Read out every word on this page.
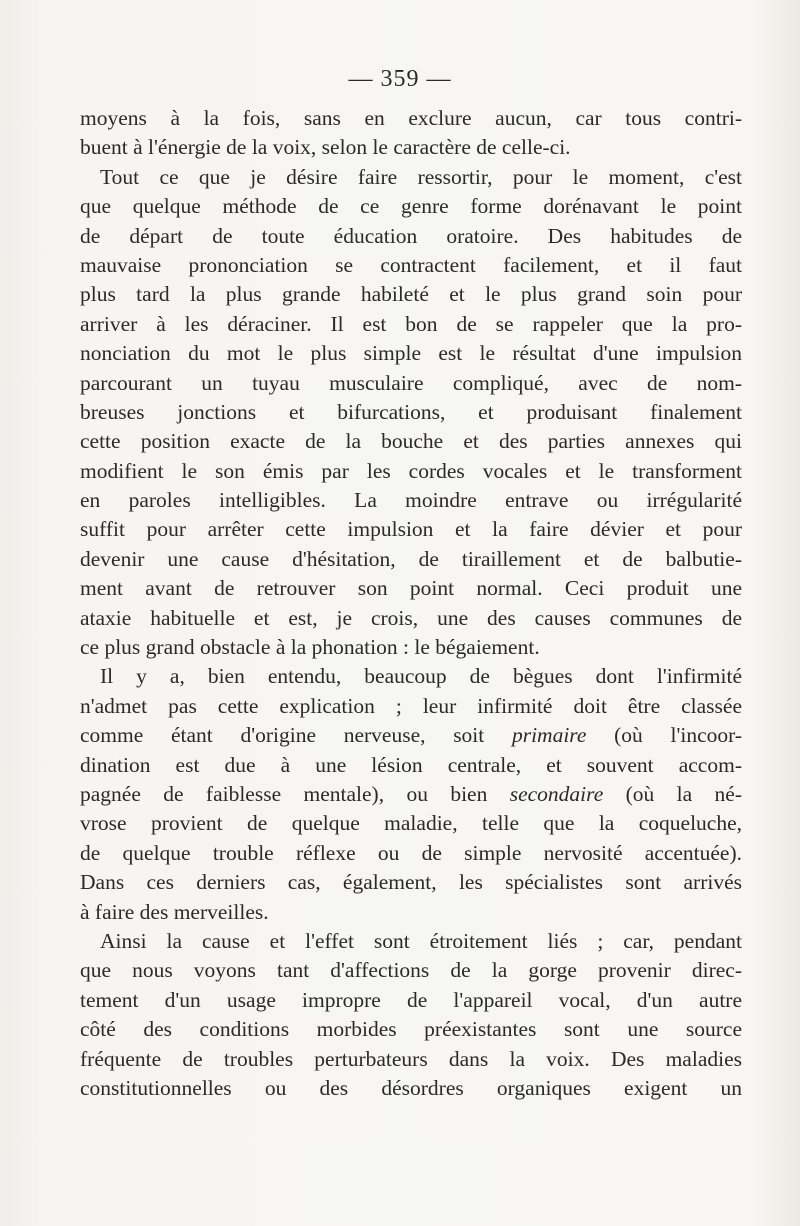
— 359 —
moyens à la fois, sans en exclure aucun, car tous contri-
buent à l'énergie de la voix, selon le caractère de celle-ci.
Tout ce que je désire faire ressortir, pour le moment, c'est
que quelque méthode de ce genre forme dorénavant le point
de départ de toute éducation oratoire. Des habitudes de
mauvaise prononciation se contractent facilement, et il faut
plus tard la plus grande habileté et le plus grand soin pour
arriver à les déraciner. Il est bon de se rappeler que la pro-
nonciation du mot le plus simple est le résultat d'une impulsion
parcourant un tuyau musculaire compliqué, avec de nom-
breuses jonctions et bifurcations, et produisant finalement
cette position exacte de la bouche et des parties annexes qui
modifient le son émis par les cordes vocales et le transforment
en paroles intelligibles. La moindre entrave ou irrégularité
suffit pour arrêter cette impulsion et la faire dévier et pour
devenir une cause d'hésitation, de tiraillement et de balbutie-
ment avant de retrouver son point normal. Ceci produit une
ataxie habituelle et est, je crois, une des causes communes de
ce plus grand obstacle à la phonation : le bégaiement.
Il y a, bien entendu, beaucoup de bègues dont l'infirmité
n'admet pas cette explication ; leur infirmité doit être classée
comme étant d'origine nerveuse, soit primaire (où l'incoor-
dination est due à une lésion centrale, et souvent accom-
pagnée de faiblesse mentale), ou bien secondaire (où la né-
vrose provient de quelque maladie, telle que la coqueluche,
de quelque trouble réflexe ou de simple nervosité accentuée).
Dans ces derniers cas, également, les spécialistes sont arrivés
à faire des merveilles.
Ainsi la cause et l'effet sont étroitement liés ; car, pendant
que nous voyons tant d'affections de la gorge provenir direc-
tement d'un usage impropre de l'appareil vocal, d'un autre
côté des conditions morbides préexistantes sont une source
fréquente de troubles perturbateurs dans la voix. Des maladies
constitutionnelles ou des désordres organiques exigent un
